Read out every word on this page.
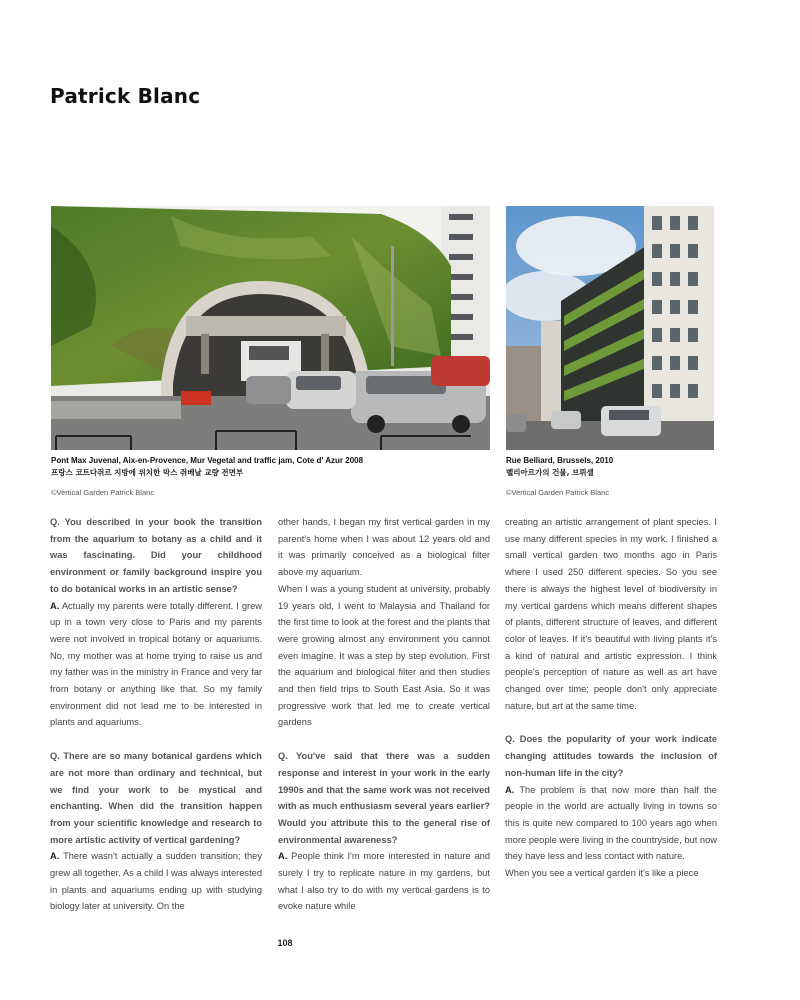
Patrick Blanc
Pont Max Juvenal, Aix-en-Provence, Mur Vegetal and traffic jam, Cote d' Azur 2008
프랑스 코트다쥐르 지방에 위치한 막스 쥐베날 교량 전면부
©Vertical Garden Patrick Blanc
Rue Belliard, Brussels, 2010
벨리아르가의 건물, 브뤼셀
©Vertical Garden Patrick Blanc

Q. You described in your book the transition from the aquarium to botany as a child and it was fascinating. Did your childhood environment or family background inspire you to do botanical works in an artistic sense?

A. Actually my parents were totally different. I grew up in a town very close to Paris and my parents were not involved in tropical botany or aquariums. No, my mother was at home trying to raise us and my father was in the ministry in France and very far from botany or anything like that. So my family environment did not lead me to be interested in plants and aquariums.

Q. There are so many botanical gardens which are not more than ordinary and technical, but we find your work to be mystical and enchanting. When did the transition happen from your scientific knowledge and research to more artistic activity of vertical gardening?

A. There wasn't actually a sudden transition; they grew all together. As a child I was always interested in plants and aquariums ending up with studying biology later at university. On the

other hands, I began my first vertical garden in my parent's home when I was about 12 years old and it was primarily conceived as a biological filter above my aquarium.

When I was a young student at university, probably 19 years old, I went to Malaysia and Thailand for the first time to look at the forest and the plants that were growing almost any environment you cannot even imagine. It was a step by step evolution. First the aquarium and biological filter and then studies and then field trips to South East Asia. So it was progressive work that led me to create vertical gardens

Q. You've said that there was a sudden response and interest in your work in the early 1990s and that the same work was not received with as much enthusiasm several years earlier? Would you attribute this to the general rise of environmental awareness?

A. People think I'm more interested in nature and surely I try to replicate nature in my gardens, but what I also try to do with my vertical gardens is to evoke nature while

creating an artistic arrangement of plant species. I use many different species in my work. I finished a small vertical garden two months ago in Paris where I used 250 different species. So you see there is always the highest level of biodiversity in my vertical gardens which means different shapes of plants, different structure of leaves, and different color of leaves. If it's beautiful with living plants it's a kind of natural and artistic expression. I think people's perception of nature as well as art have changed over time; people don't only appreciate nature, but art at the same time.

Q. Does the popularity of your work indicate changing attitudes towards the inclusion of non-human life in the city?

A. The problem is that now more than half the people in the world are actually living in towns so this is quite new compared to 100 years ago when more people were living in the countryside, but now they have less and less contact with nature.

When you see a vertical garden it's like a piece

108
